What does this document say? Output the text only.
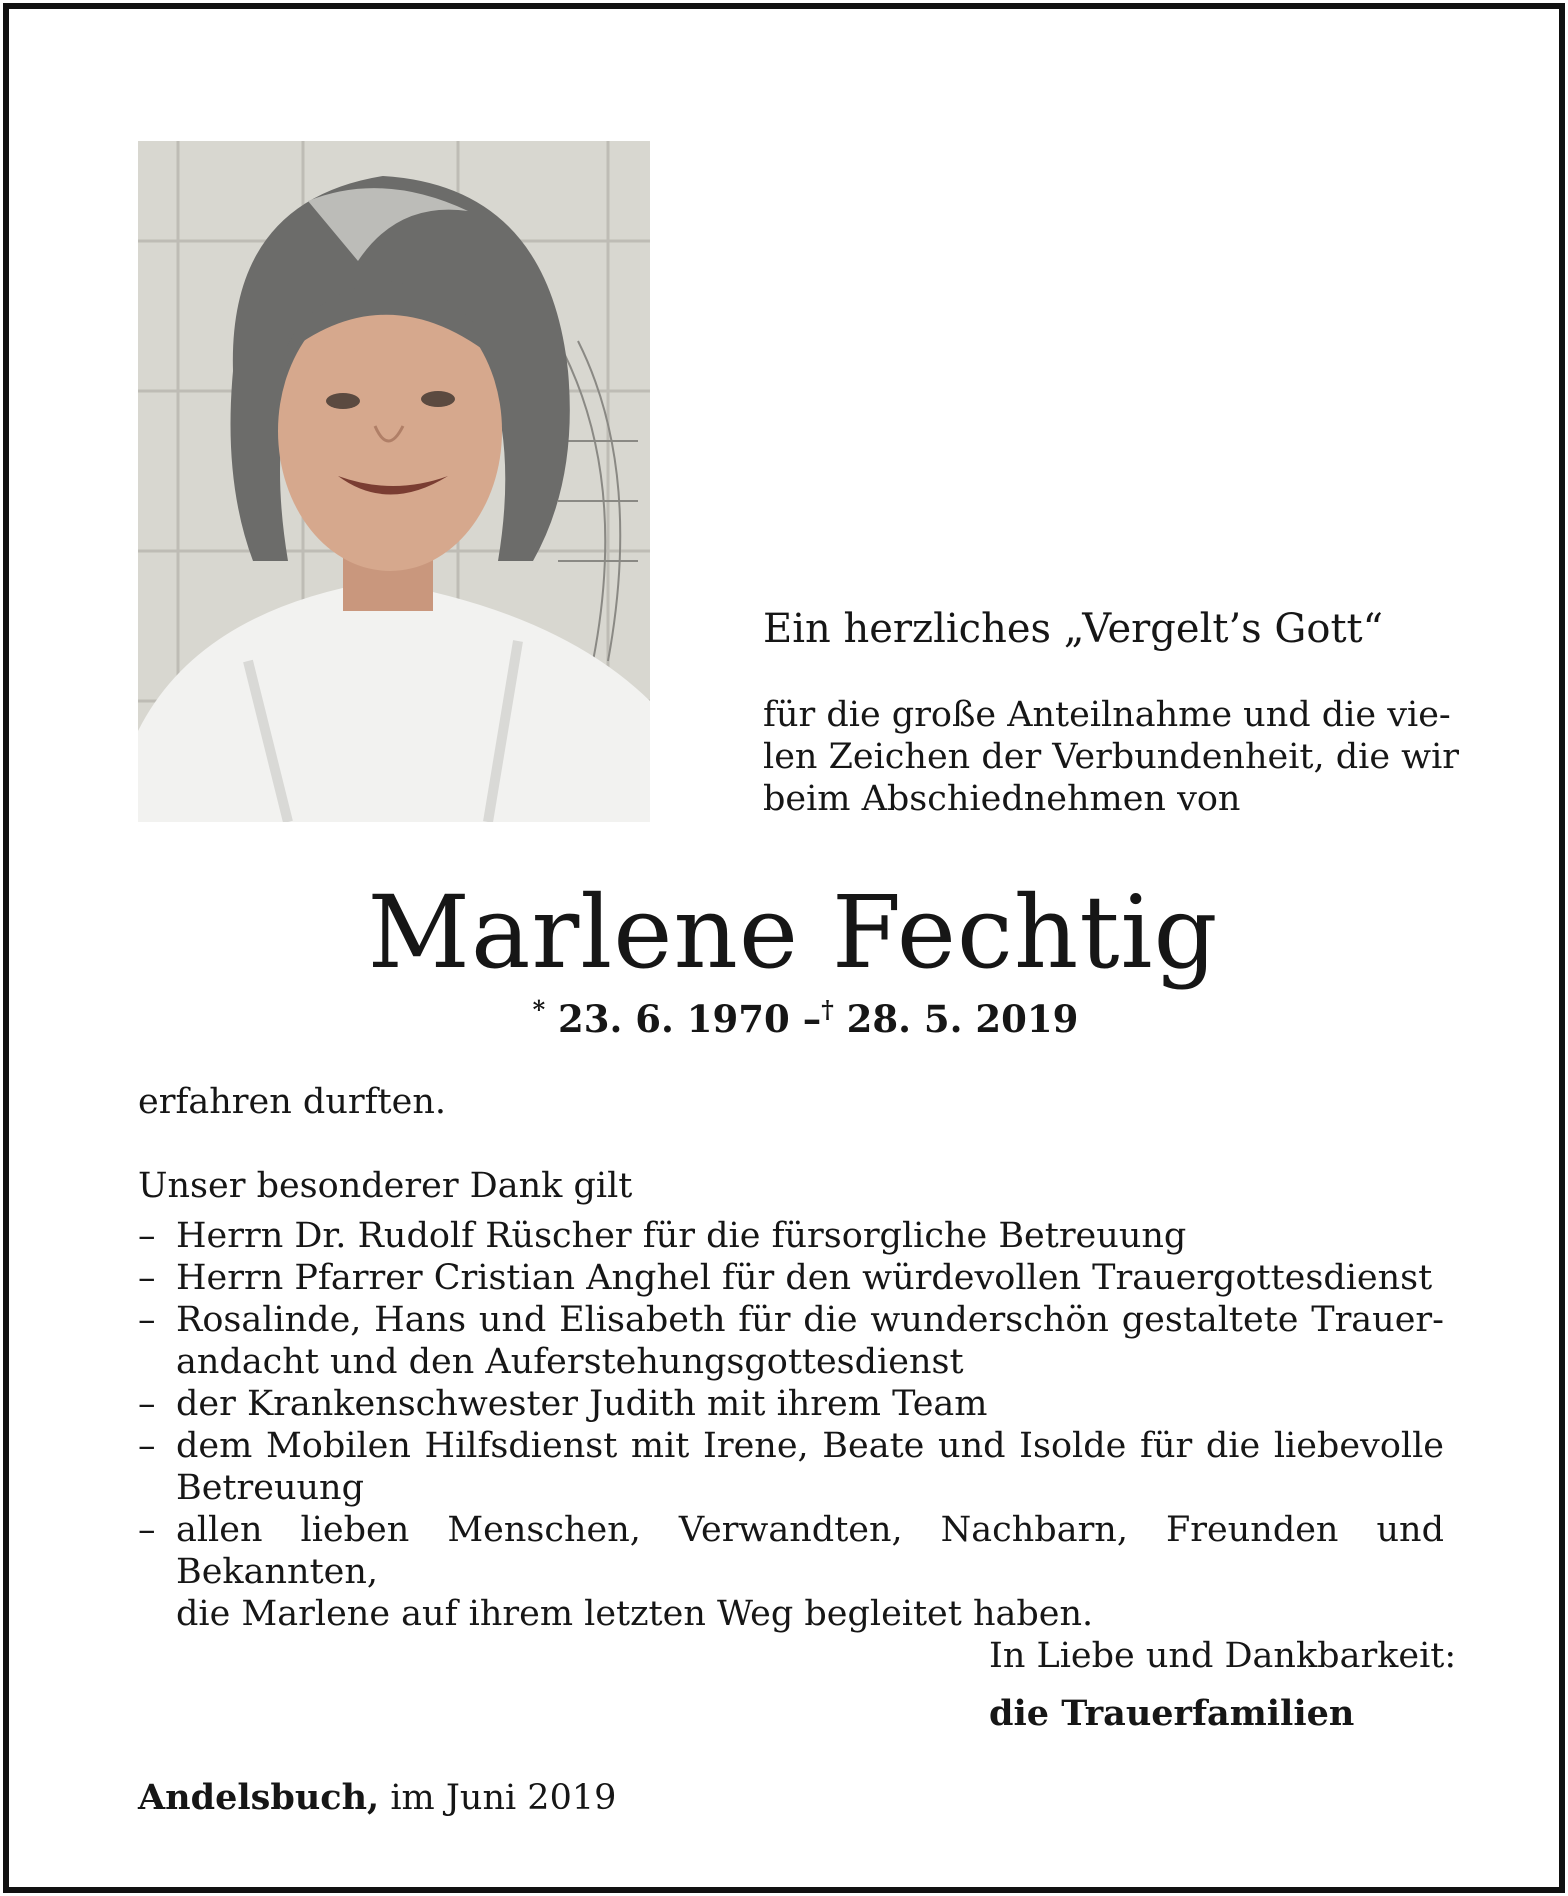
Ein herzliches „Vergelt’s Gott“
für die große Anteilnahme und die vie-
len Zeichen der Verbundenheit, die wir
beim Abschiednehmen von
Marlene Fechtig
* 23. 6. 1970 –† 28. 5. 2019
erfahren durften.
Unser besonderer Dank gilt
– Herrn Dr. Rudolf Rüscher für die fürsorgliche Betreuung
– Herrn Pfarrer Cristian Anghel für den würdevollen Trauergottesdienst
– Rosalinde, Hans und Elisabeth für die wunderschön gestaltete Trauer-
andacht und den Auferstehungsgottesdienst
– der Krankenschwester Judith mit ihrem Team
– dem Mobilen Hilfsdienst mit Irene, Beate und Isolde für die liebevolle
Betreuung
– allen lieben Menschen, Verwandten, Nachbarn, Freunden und Bekannten,
die Marlene auf ihrem letzten Weg begleitet haben.
In Liebe und Dankbarkeit:
die Trauerfamilien
Andelsbuch, im Juni 2019
